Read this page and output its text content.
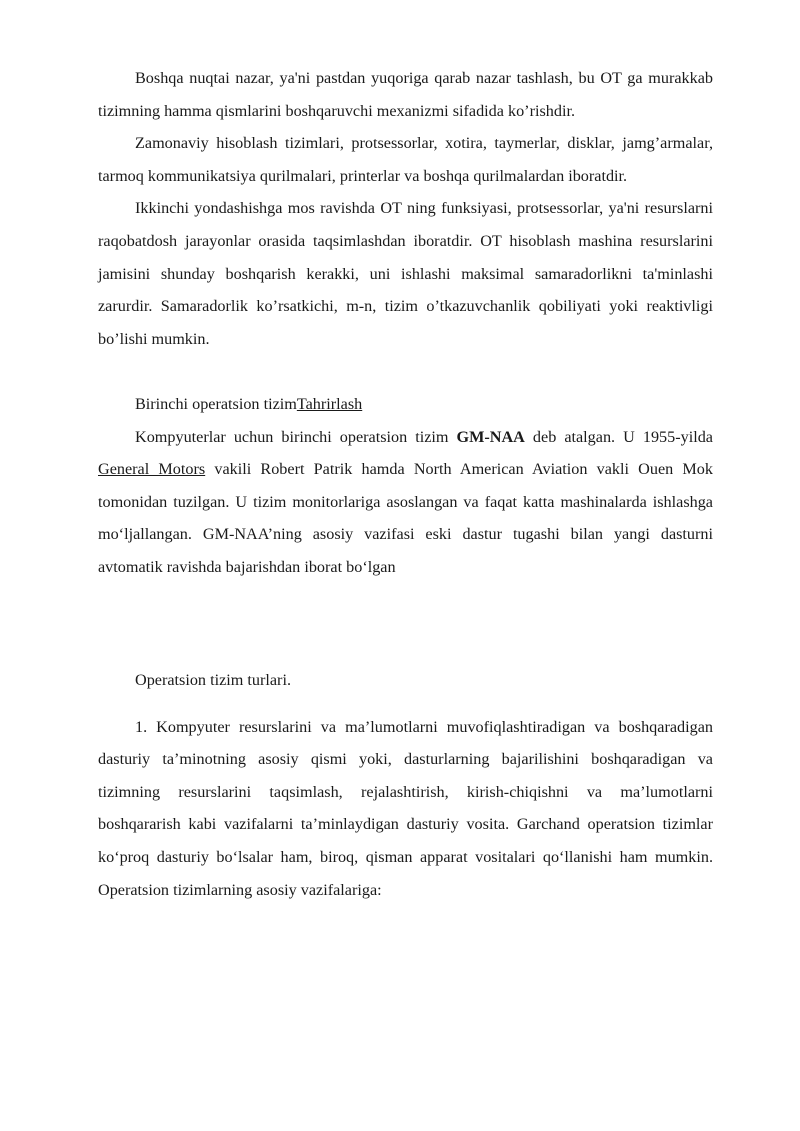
Boshqa nuqtai nazar, ya'ni pastdan yuqoriga qarab nazar tashlash, bu OT ga murakkab tizimning hamma qismlarini boshqaruvchi mexanizmi sifadida ko’rishdir.

Zamonaviy hisoblash tizimlari, protsessorlar, xotira, taymerlar, disklar, jamg’armalar, tarmoq kommunikatsiya qurilmalari, printerlar va boshqa qurilmalardan iboratdir.

Ikkinchi yondashishga mos ravishda OT ning funksiyasi, protsessorlar, ya'ni resurslarni raqobatdosh jarayonlar orasida taqsimlashdan iboratdir. OT hisoblash mashina resurslarini jamisini shunday boshqarish kerakki, uni ishlashi maksimal samaradorlikni ta'minlashi zarurdir. Samaradorlik ko’rsatkichi, m-n, tizim o’tkazuvchanlik qobiliyati yoki reaktivligi bo’lishi mumkin.

Birinchi operatsion tizimTahrirlash

Kompyuterlar uchun birinchi operatsion tizim GM-NAA deb atalgan. U 1955-yilda General Motors vakili Robert Patrik hamda North American Aviation vakli Ouen Mok tomonidan tuzilgan. U tizim monitorlariga asoslangan va faqat katta mashinalarda ishlashga mo‘ljallangan. GM-NAA’ning asosiy vazifasi eski dastur tugashi bilan yangi dasturni avtomatik ravishda bajarishdan iborat bo‘lgan

Operatsion tizim turlari.

1. Kompyuter resurslarini va ma’lumotlarni muvofiqlashtiradigan va boshqaradigan dasturiy ta’minotning asosiy qismi yoki, dasturlarning bajarilishini boshqaradigan va tizimning resurslarini taqsimlash, rejalashtirish, kirish-chiqishni va ma’lumotlarni boshqararish kabi vazifalarni ta’minlaydigan dasturiy vosita. Garchand operatsion tizimlar ko‘proq dasturiy bo‘lsalar ham, biroq, qisman apparat vositalari qo‘llanishi ham mumkin. Operatsion tizimlarning asosiy vazifalariga:
